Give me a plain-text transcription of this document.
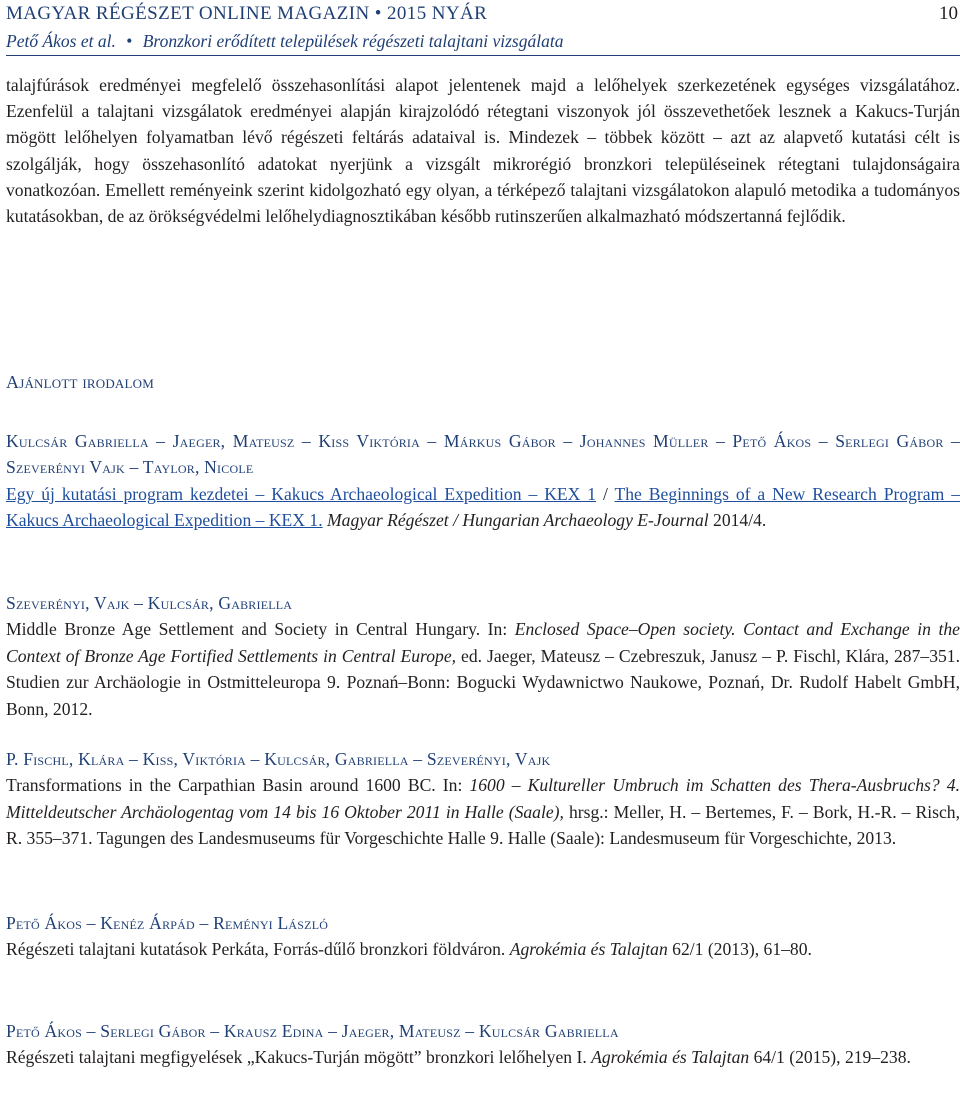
MAGYAR RÉGÉSZET ONLINE MAGAZIN • 2015 NYÁR	10

Pető Ákos et al. • Bronzkori erődített települések régészeti talajtani vizsgálata

talajfúrások eredményei megfelelő összehasonlítási alapot jelentenek majd a lelőhelyek szerkezetének egységes vizsgálatához. Ezenfelül a talajtani vizsgálatok eredményei alapján kirajzolódó rétegtani viszonyok jól összevethetőek lesznek a Kakucs-Turján mögött lelőhelyen folyamatban lévő régészeti feltárás adataival is. Mindezek – többek között – azt az alapvető kutatási célt is szolgálják, hogy összehasonlító adatokat nyerjünk a vizsgált mikrorégió bronzkori településeinek rétegtani tulajdonságaira vonatkozóan. Emellett reményeink szerint kidolgozható egy olyan, a térképező talajtani vizsgálatokon alapuló metodika a tudományos kutatásokban, de az örökségvédelmi lelőhelydiagnosztikában később rutinszerűen alkalmazható módszertanná fejlődik.

Ajánlott irodalom
Kulcsár Gabriella – Jaeger, Mateusz – Kiss Viktória – Márkus Gábor – Johannes Müller – Pető Ákos – Serlegi Gábor – Szeverényi Vajk – Taylor, Nicole
Egy új kutatási program kezdetei – Kakucs Archaeological Expedition – KEX 1 / The Beginnings of a New Research Program – Kakucs Archaeological Expedition – KEX 1. Magyar Régészet / Hungarian Archaeology E-Journal 2014/4.
Szeverényi, Vajk – Kulcsár, Gabriella
Middle Bronze Age Settlement and Society in Central Hungary. In: Enclosed Space–Open society. Contact and Exchange in the Context of Bronze Age Fortified Settlements in Central Europe, ed. Jaeger, Mateusz – Czebreszuk, Janusz – P. Fischl, Klára, 287–351. Studien zur Archäologie in Ostmitteleuropa 9. Poznań–Bonn: Bogucki Wydawnictwo Naukowe, Poznań, Dr. Rudolf Habelt GmbH, Bonn, 2012.
P. Fischl, Klára – Kiss, Viktória – Kulcsár, Gabriella – Szeverényi, Vajk
Transformations in the Carpathian Basin around 1600 BC. In: 1600 – Kultureller Umbruch im Schatten des Thera-Ausbruchs? 4. Mitteldeutscher Archäologentag vom 14 bis 16 Oktober 2011 in Halle (Saale), hrsg.: Meller, H. – Bertemes, F. – Bork, H.-R. – Risch, R. 355–371. Tagungen des Landesmuseums für Vorgeschichte Halle 9. Halle (Saale): Landesmuseum für Vorgeschichte, 2013.
Pető Ákos – Kenéz Árpád – Reményi László
Régészeti talajtani kutatások Perkáta, Forrás-dűlő bronzkori földváron. Agrokémia és Talajtan 62/1 (2013), 61–80.
Pető Ákos – Serlegi Gábor – Krausz Edina – Jaeger, Mateusz – Kulcsár Gabriella
Régészeti talajtani megfigyelések „Kakucs-Turján mögött” bronzkori lelőhelyen I. Agrokémia és Talajtan 64/1 (2015), 219–238.
